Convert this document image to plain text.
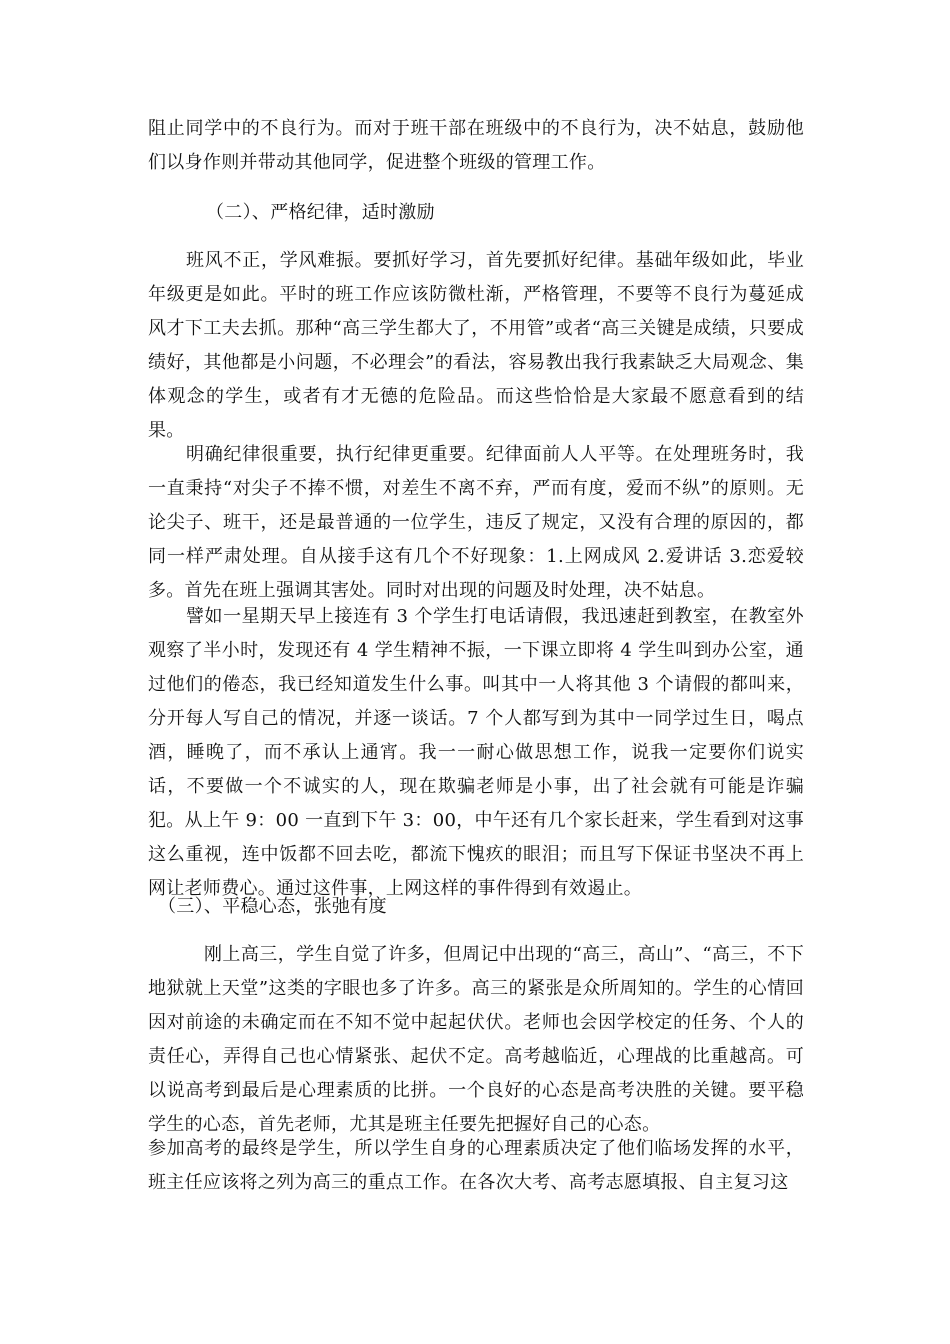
阻止同学中的不良行为。而对于班干部在班级中的不良行为，决不姑息，鼓励他们以身作则并带动其他同学，促进整个班级的管理工作。

（二）、严格纪律，适时激励

班风不正，学风难振。要抓好学习，首先要抓好纪律。基础年级如此，毕业年级更是如此。平时的班工作应该防微杜渐，严格管理，不要等不良行为蔓延成风才下工夫去抓。那种“高三学生都大了，不用管”或者“高三关键是成绩，只要成绩好，其他都是小问题，不必理会”的看法，容易教出我行我素缺乏大局观念、集体观念的学生，或者有才无德的危险品。而这些恰恰是大家最不愿意看到的结果。

明确纪律很重要，执行纪律更重要。纪律面前人人平等。在处理班务时，我一直秉持“对尖子不捧不惯，对差生不离不弃，严而有度，爱而不纵”的原则。无论尖子、班干，还是最普通的一位学生，违反了规定，又没有合理的原因的，都同一样严肃处理。自从接手这有几个不好现象：1.上网成风 2.爱讲话 3.恋爱较多。首先在班上强调其害处。同时对出现的问题及时处理，决不姑息。

譬如一星期天早上接连有 3 个学生打电话请假，我迅速赶到教室，在教室外观察了半小时，发现还有 4 学生精神不振，一下课立即将 4 学生叫到办公室，通过他们的倦态，我已经知道发生什么事。叫其中一人将其他 3 个请假的都叫来，分开每人写自己的情况，并逐一谈话。7 个人都写到为其中一同学过生日，喝点酒，睡晚了，而不承认上通宵。我一一耐心做思想工作，说我一定要你们说实话，不要做一个不诚实的人，现在欺骗老师是小事，出了社会就有可能是诈骗犯。从上午 9：00 一直到下午 3：00，中午还有几个家长赶来，学生看到对这事这么重视，连中饭都不回去吃，都流下愧疚的眼泪；而且写下保证书坚决不再上网让老师费心。通过这件事，上网这样的事件得到有效遏止。

（三）、平稳心态，张弛有度

刚上高三，学生自觉了许多，但周记中出现的“高三，高山”、“高三，不下地狱就上天堂”这类的字眼也多了许多。高三的紧张是众所周知的。学生的心情回因对前途的未确定而在不知不觉中起起伏伏。老师也会因学校定的任务、个人的责任心，弄得自己也心情紧张、起伏不定。高考越临近，心理战的比重越高。可以说高考到最后是心理素质的比拼。一个良好的心态是高考决胜的关键。要平稳学生的心态，首先老师，尤其是班主任要先把握好自己的心态。

参加高考的最终是学生，所以学生自身的心理素质决定了他们临场发挥的水平，班主任应该将之列为高三的重点工作。在各次大考、高考志愿填报、自主复习这
